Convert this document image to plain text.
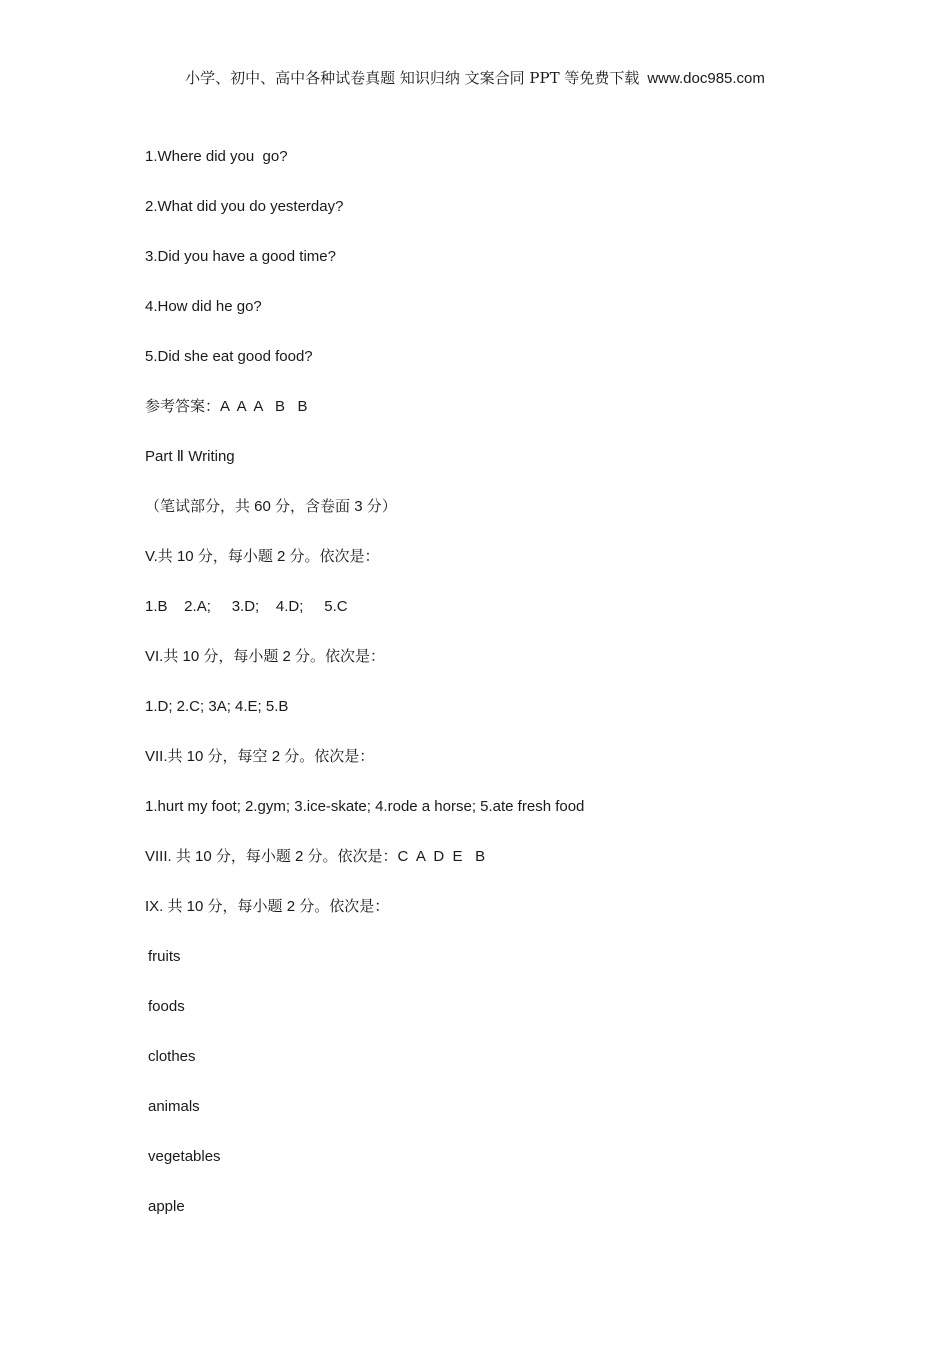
小学、初中、高中各种试卷真题 知识归纳 文案合同 PPT 等免费下载 www.doc985.com
1.Where did you  go?
2.What did you do yesterday?
3.Did you have a good time?
4.How did he go?
5.Did she eat good food?
参考答案：A  A  A   B   B
Part Ⅱ Writing
（笔试部分，共 60 分，含卷面 3 分）
V.共 10 分，每小题 2 分。依次是：
1.B    2.A;     3.D;    4.D;     5.C
VI.共 10 分，每小题 2 分。依次是：
1.D; 2.C; 3A; 4.E; 5.B
VII.共 10 分，每空 2 分。依次是：
1.hurt my foot; 2.gym; 3.ice-skate; 4.rode a horse; 5.ate fresh food
VIII. 共 10 分，每小题 2 分。依次是：C  A  D  E   B
IX. 共 10 分，每小题 2 分。依次是：
fruits
foods
clothes
animals
vegetables
apple
